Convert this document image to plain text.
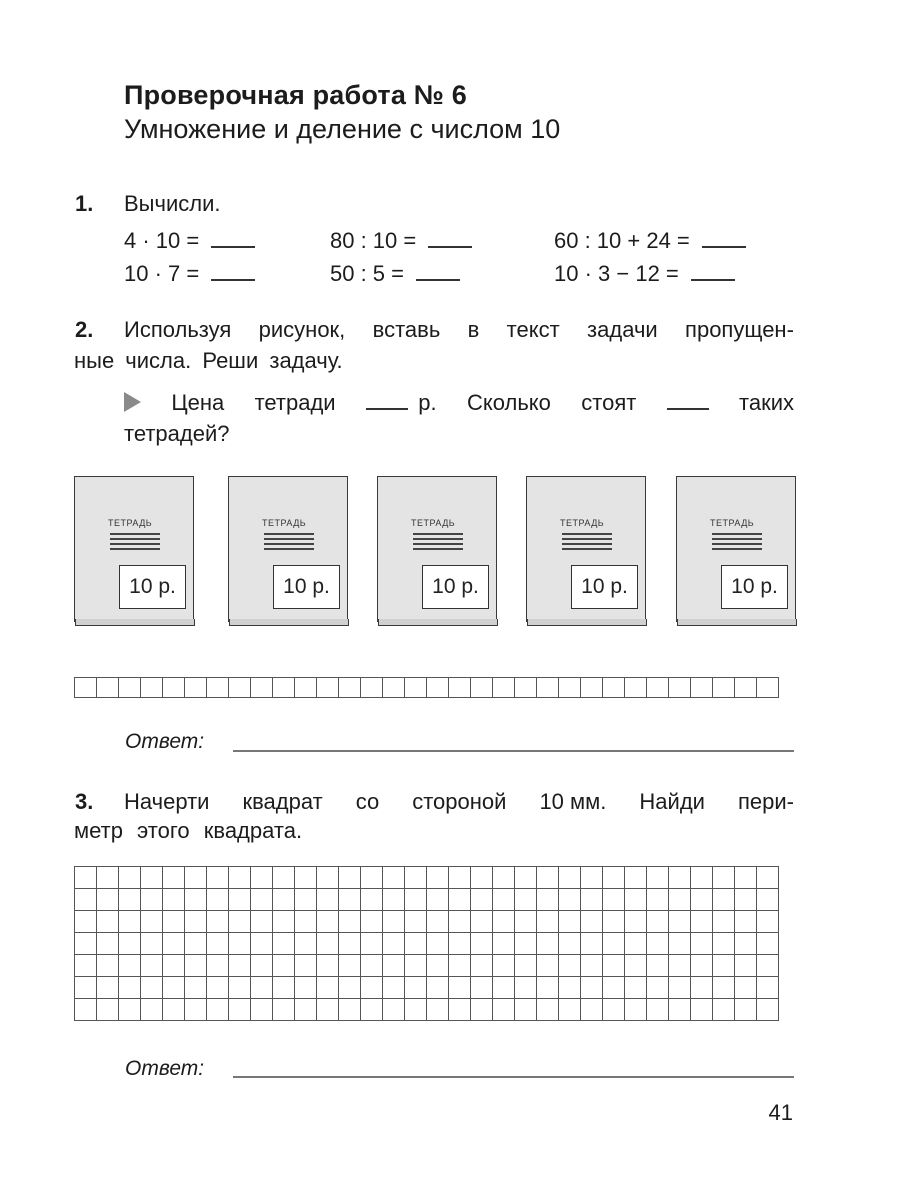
Проверочная работа № 6
Умножение и деление с числом 10
1. Вычисли.
4 · 10 =	80 : 10 =	60 : 10 + 24 =
10 · 7 =	50 : 5 =	10 · 3 − 12 =
2. Используя рисунок, вставь в текст задачи пропущен-
ные числа. Реши задачу.
Цена тетради	р. Сколько стоят	таких
тетрадей?
ТЕТРАДЬ
10 р.
ТЕТРАДЬ
10 р.
ТЕТРАДЬ
10 р.
ТЕТРАДЬ
10 р.
ТЕТРАДЬ
10 р.

Ответ:
3. Начерти квадрат со стороной 10 мм. Найди пери-
метр этого квадрата.

Ответ:
41
